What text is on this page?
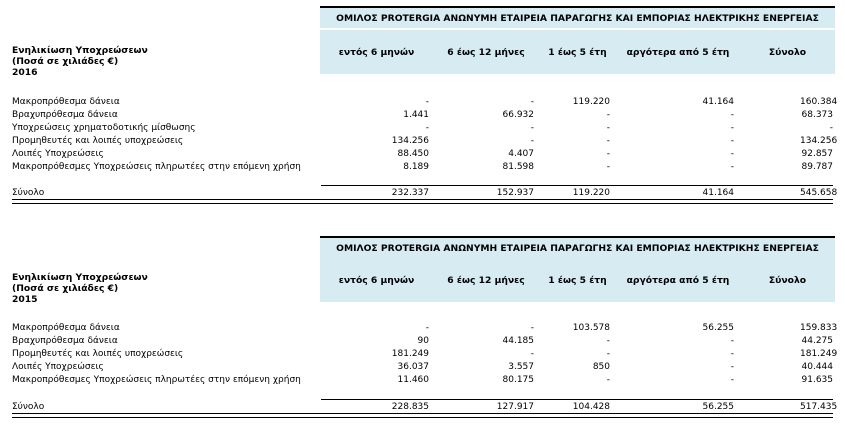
ΟΜΙΛΟΣ PROTERGIA ΑΝΩΝΥΜΗ ΕΤΑΙΡΕΙΑ ΠΑΡΑΓΩΓΗΣ ΚΑΙ ΕΜΠΟΡΙΑΣ ΗΛΕΚΤΡΙΚΗΣ ΕΝΕΡΓΕΙΑΣ
εντός 6 μηνών	6 έως 12 μήνες	1 έως 5 έτη	αργότερα από 5 έτη	Σύνολο
Ενηλικίωση Υποχρεώσεων
(Ποσά σε χιλιάδες €)
2016
Μακροπρόθεσμα δάνεια	-	-	119.220	41.164	160.384
Βραχυπρόθεσμα δάνεια	1.441	66.932	-	-	68.373
Υποχρεώσεις χρηματοδοτικής μίσθωσης	-	-	-	-	-
Προμηθευτές και λοιπές υποχρεώσεις	134.256	-	-	-	134.256
Λοιπές Υποχρεώσεις	88.450	4.407	-	-	92.857
Μακροπρόθεσμες Υποχρεώσεις πληρωτέες στην επόμενη χρήση	8.189	81.598	-	-	89.787
Σύνολο	232.337	152.937	119.220	41.164	545.658
ΟΜΙΛΟΣ PROTERGIA ΑΝΩΝΥΜΗ ΕΤΑΙΡΕΙΑ ΠΑΡΑΓΩΓΗΣ ΚΑΙ ΕΜΠΟΡΙΑΣ ΗΛΕΚΤΡΙΚΗΣ ΕΝΕΡΓΕΙΑΣ
εντός 6 μηνών	6 έως 12 μήνες	1 έως 5 έτη	αργότερα από 5 έτη	Σύνολο
Ενηλικίωση Υποχρεώσεων
(Ποσά σε χιλιάδες €)
2015
Μακροπρόθεσμα δάνεια	-	-	103.578	56.255	159.833
Βραχυπρόθεσμα δάνεια	90	44.185	-	-	44.275
Προμηθευτές και λοιπές υποχρεώσεις	181.249	-	-	-	181.249
Λοιπές Υποχρεώσεις	36.037	3.557	850	-	40.444
Μακροπρόθεσμες Υποχρεώσεις πληρωτέες στην επόμενη χρήση	11.460	80.175	-	-	91.635
Σύνολο	228.835	127.917	104.428	56.255	517.435
